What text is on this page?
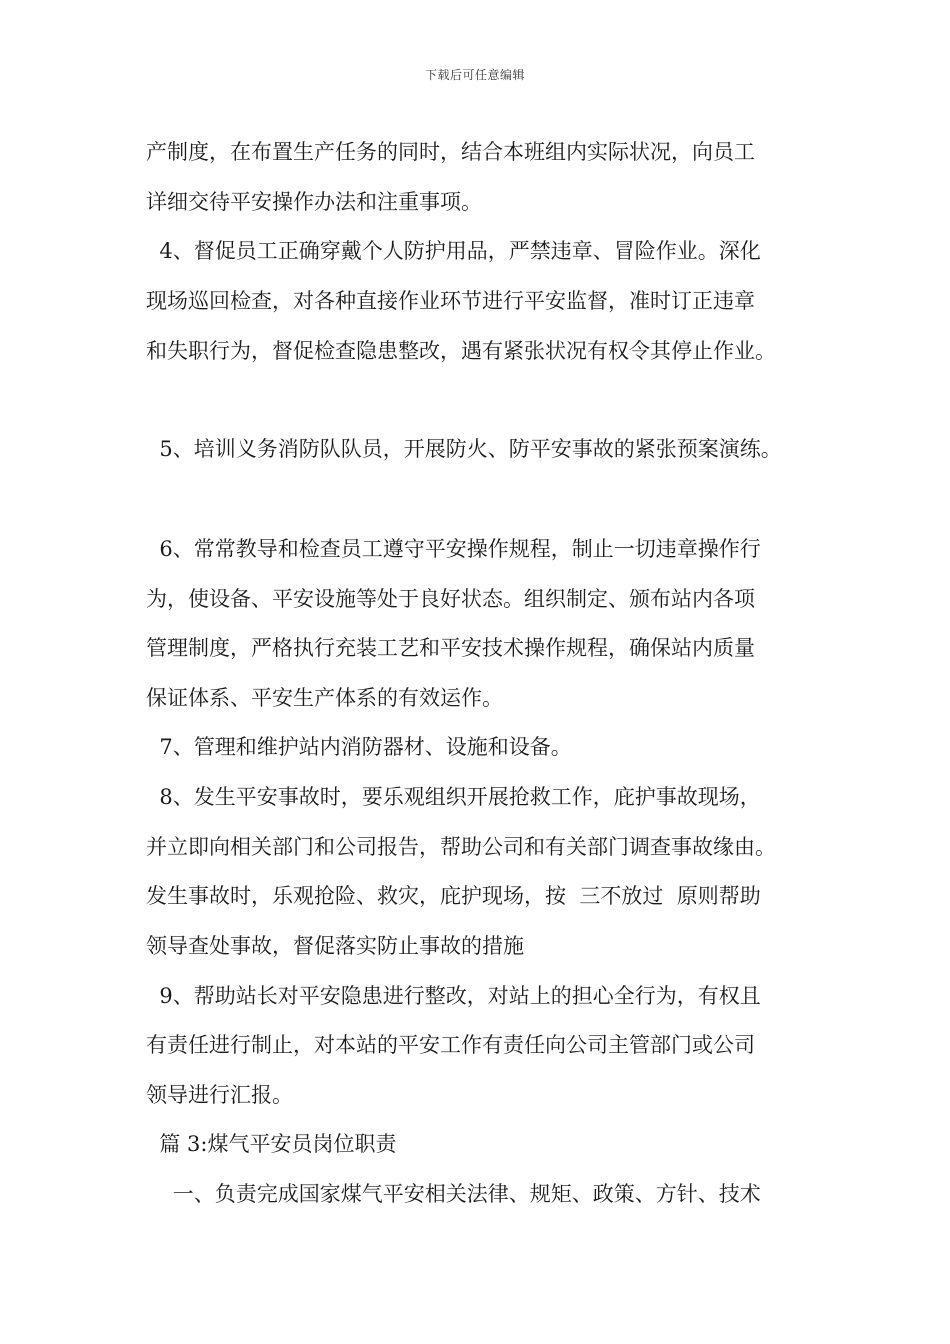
下载后可任意编辑
产制度，在布置生产任务的同时，结合本班组内实际状况，向员工
详细交待平安操作办法和注重事项。
4、督促员工正确穿戴个人防护用品，严禁违章、冒险作业。深化
现场巡回检查，对各种直接作业环节进行平安监督，准时订正违章
和失职行为，督促检查隐患整改，遇有紧张状况有权令其停止作业。
5、培训义务消防队队员，开展防火、防平安事故的紧张预案演练。
6、常常教导和检查员工遵守平安操作规程，制止一切违章操作行
为，使设备、平安设施等处于良好状态。组织制定、颁布站内各项
管理制度，严格执行充装工艺和平安技术操作规程，确保站内质量
保证体系、平安生产体系的有效运作。
7、管理和维护站内消防器材、设施和设备。
8、发生平安事故时，要乐观组织开展抢救工作，庇护事故现场，
并立即向相关部门和公司报告，帮助公司和有关部门调查事故缘由。
发生事故时，乐观抢险、救灾，庇护现场，按  三不放过  原则帮助
领导查处事故，督促落实防止事故的措施
9、帮助站长对平安隐患进行整改，对站上的担心全行为，有权且
有责任进行制止，对本站的平安工作有责任向公司主管部门或公司
领导进行汇报。
篇 3:煤气平安员岗位职责
一、负责完成国家煤气平安相关法律、规矩、政策、方针、技术
